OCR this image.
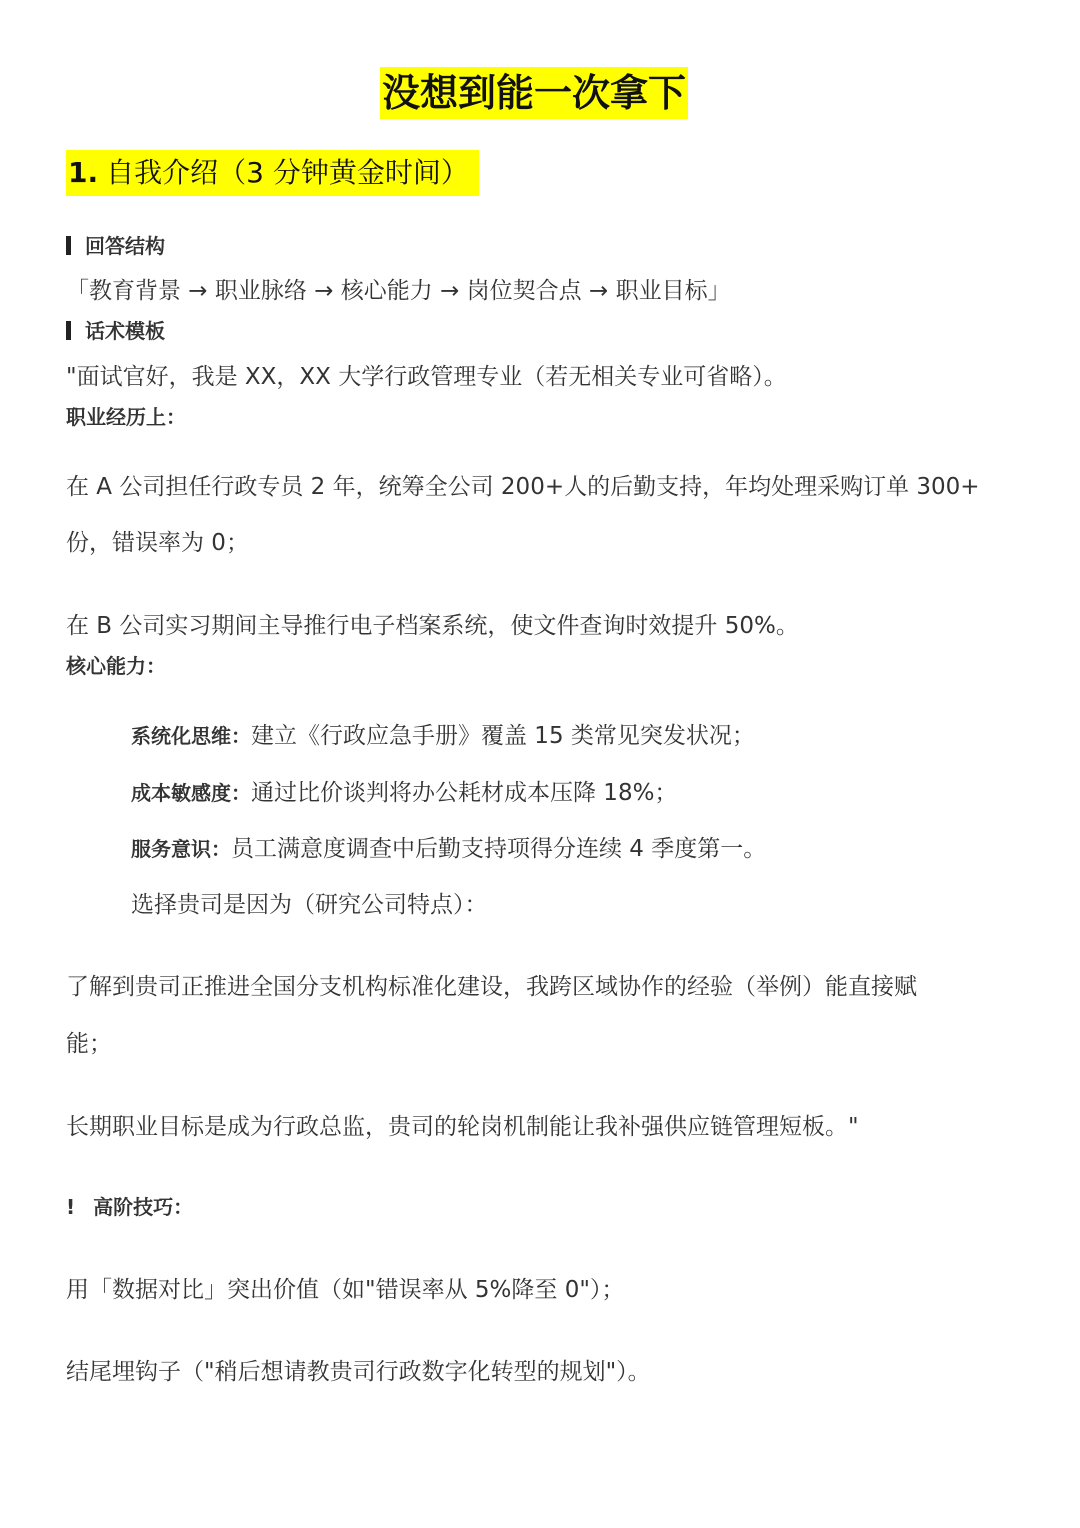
没想到能一次拿下
1. 自我介绍（3 分钟黄金时间）
回答结构
「教育背景 → 职业脉络 → 核心能力 → 岗位契合点 → 职业目标」
话术模板
"面试官好，我是 XX，XX 大学行政管理专业（若无相关专业可省略）。
职业经历上：
在 A 公司担任行政专员 2 年，统筹全公司 200+人的后勤支持，年均处理采购订单 300+
份，错误率为 0；
在 B 公司实习期间主导推行电子档案系统，使文件查询时效提升 50%。
核心能力：
系统化思维：建立《行政应急手册》覆盖 15 类常见突发状况；
成本敏感度：通过比价谈判将办公耗材成本压降 18%；
服务意识：员工满意度调查中后勤支持项得分连续 4 季度第一。
选择贵司是因为（研究公司特点）：
了解到贵司正推进全国分支机构标准化建设，我跨区域协作的经验（举例）能直接赋
能；
长期职业目标是成为行政总监，贵司的轮岗机制能让我补强供应链管理短板。"
! 高阶技巧：
用「数据对比」突出价值（如"错误率从 5%降至 0"）；
结尾埋钩子（"稍后想请教贵司行政数字化转型的规划"）。
